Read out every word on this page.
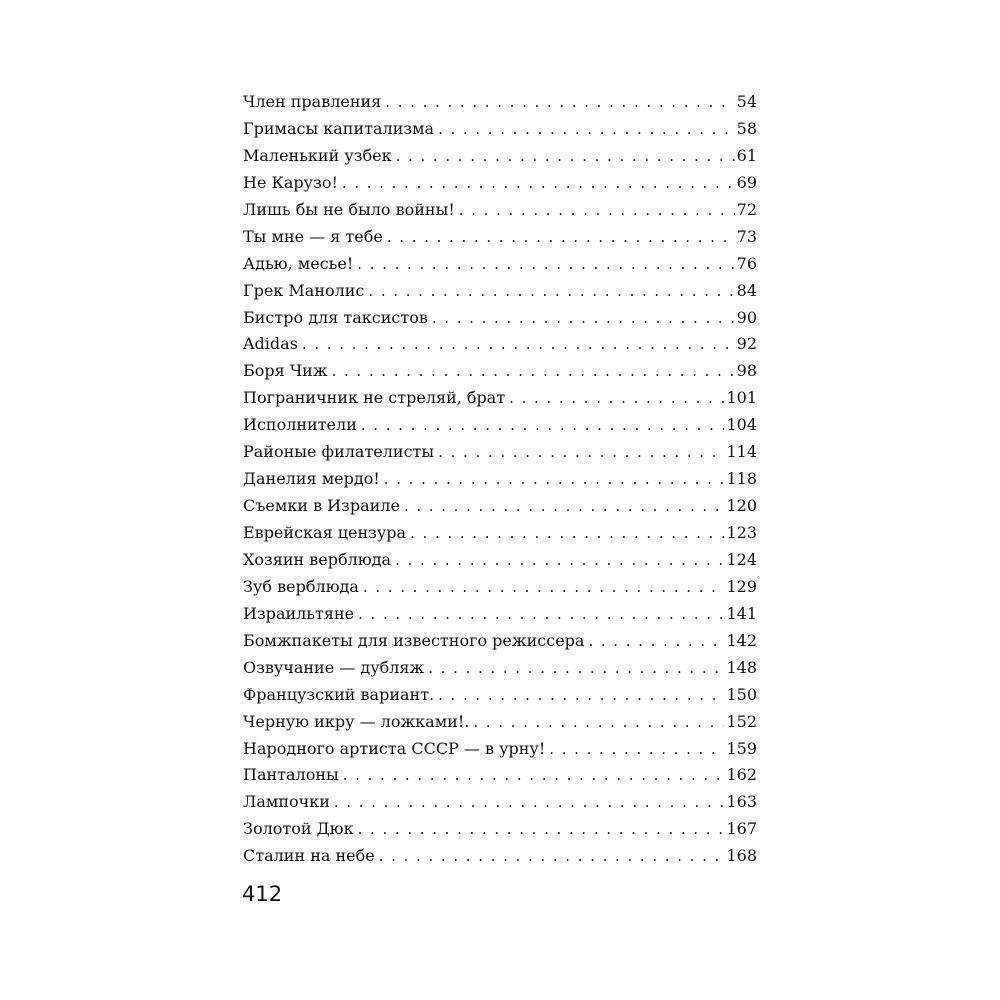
Член правления . . .	54
Гримасы капитализма . . .	58
Маленький узбек . . .	61
Не Карузо! . . .	69
Лишь бы не было войны! . . .	72
Ты мне — я тебе . . .	73
Адью, месье! . . .	76
Грек Манолис . . .	84
Бистро для таксистов . . .	90
Adidas . . .	92
Боря Чиж . . .	98
Пограничник не стреляй, брат . . .	101
Исполнители . . .	104
Районые филателисты . . .	114
Данелия мердо! . . .	118
Съемки в Израиле . . .	120
Еврейская цензура . . .	123
Хозяин верблюда . . .	124
Зуб верблюда . . .	129
Израильтяне . . .	141
Бомжпакеты для известного режиссера . . .	142
Озвучание — дубляж . . .	148
Французский вариант. . . .	150
Черную икру — ложками!. . . .	152
Народного артиста СССР — в урну! . . .	159
Панталоны . . .	162
Лампочки . . .	163
Золотой Дюк . . .	167
Сталин на небе . . .	168
412
